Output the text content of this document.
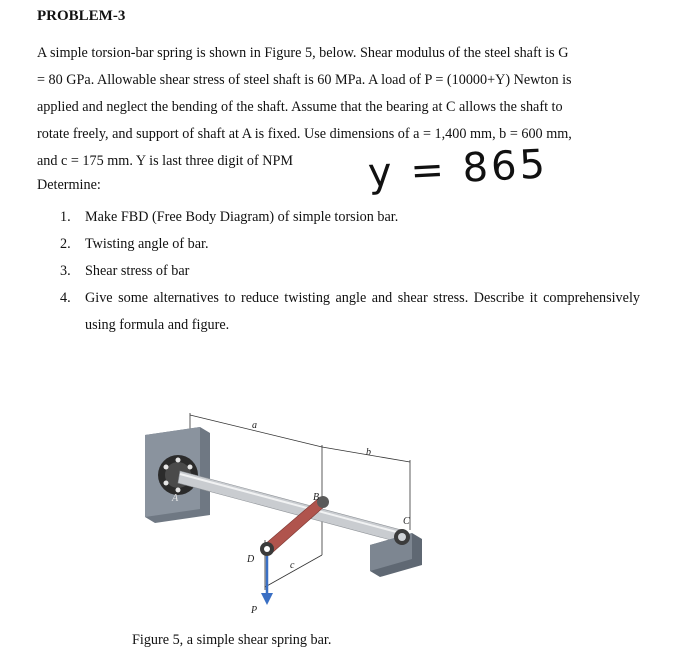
PROBLEM-3
A simple torsion-bar spring is shown in Figure 5, below. Shear modulus of the steel shaft is G
= 80 GPa. Allowable shear stress of steel shaft is 60 MPa. A load of P = (10000+Y) Newton is
applied and neglect the bending of the shaft. Assume that the bearing at C allows the shaft to
rotate freely, and support of shaft at A is fixed. Use dimensions of a = 1,400 mm, b = 600 mm,
and c = 175 mm. Y is last three digit of NPM	y = 865
Determine:
1.	Make FBD (Free Body Diagram) of simple torsion bar.
2.	Twisting angle of bar.
3.	Shear stress of bar
4.	Give some alternatives to reduce twisting angle and shear stress. Describe it comprehensively using formula and figure.
a
b
c
A	B
C
D
P
Figure 5, a simple shear spring bar.
